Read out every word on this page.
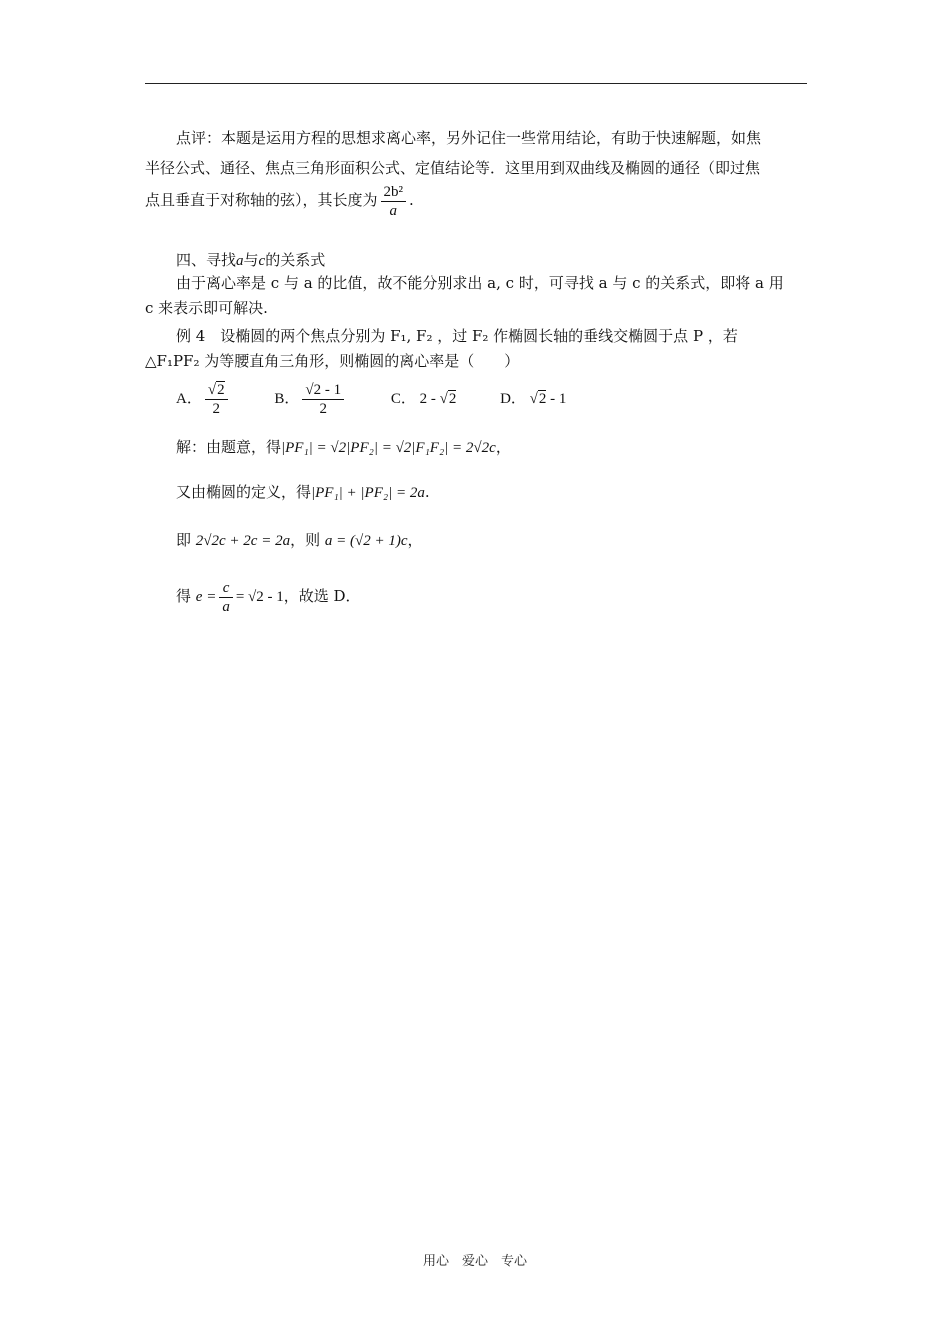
点评：本题是运用方程的思想求离心率，另外记住一些常用结论，有助于快速解题，如焦
半径公式、通径、焦点三角形面积公式、定值结论等．这里用到双曲线及椭圆的通径（即过焦
点且垂直于对称轴的弦），其长度为 $\frac{\text{2b²}}{a}$ .
四、寻找a与c的关系式
由于离心率是 c 与 a 的比值，故不能分别求出 a, c 时，可寻找 a 与 c 的关系式，即将 a 用
c 来表示即可解决.
例 4　设椭圆的两个焦点分别为 F₁, F₂ ，过 F₂ 作椭圆长轴的垂线交椭圆于点 P ，若
△F₁PF₂ 为等腰直角三角形，则椭圆的离心率是（　　）
A． √ $\frac{2}{2}$	B． √ $\frac{2 - 1}{2}$	C． 2 - √ 2	D． √ 2 - 1
解：由题意，得|PF₁| = √2|PF₂| = √2|F₁F₂| = 2√2c，
又由椭圆的定义，得|PF₁| + |PF₂| = 2a.
即 2√2c + 2c = 2a，则 a = (√2 + 1)c，
得 $e = \frac{c}{a} = √2 - 1$，故选 D．
用心　爱心　专心
